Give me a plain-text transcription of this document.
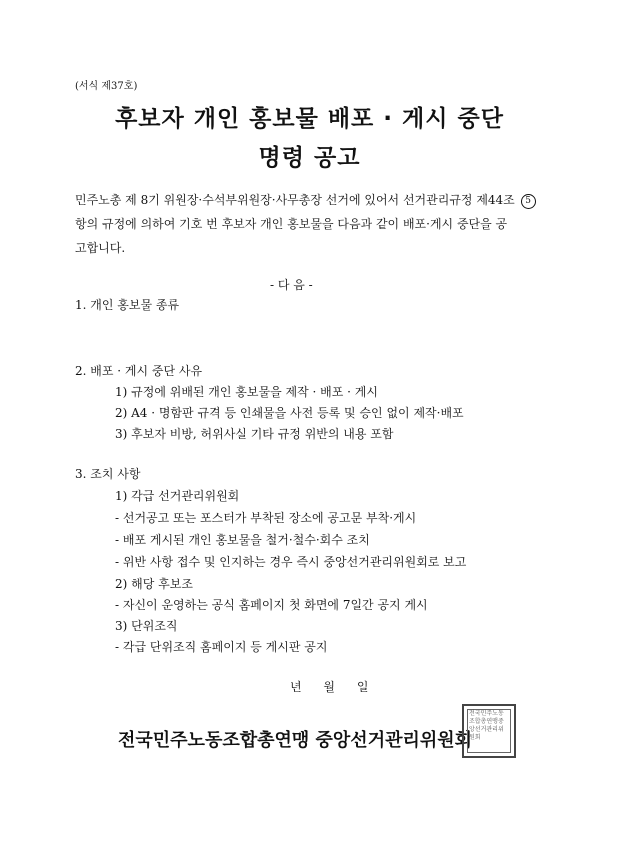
(서식 제37호)
후보자 개인 홍보물 배포 · 게시 중단
명령 공고
민주노총 제 8기 위원장·수석부위원장·사무총장 선거에 있어서 선거관리규정 제44조 5
항의 규정에 의하여 기호 번 후보자 개인 홍보물을 다음과 같이 배포·게시 중단을 공
고합니다.
- 다 음 -
1. 개인 홍보물 종류
2. 배포 · 게시 중단 사유
1) 규정에 위배된 개인 홍보물을 제작 · 배포 · 게시
2) A4 · 명함판 규격 등 인쇄물을 사전 등록 및 승인 없이 제작·배포
3) 후보자 비방, 허위사실 기타 규정 위반의 내용 포함
3. 조치 사항
1) 각급 선거관리위원회
- 선거공고 또는 포스터가 부착된 장소에 공고문 부착·게시
- 배포 게시된 개인 홍보물을 철거·철수·회수 조치
- 위반 사항 접수 및 인지하는 경우 즉시 중앙선거관리위원회로 보고
2) 해당 후보조
- 자신이 운영하는 공식 홈페이지 첫 화면에 7일간 공지 게시
3) 단위조직
- 각급 단위조직 홈페이지 등 게시판 공지
년 월 일
전국민주노동조합총연맹 중앙선거관리위원회
전국민주노동조합총연맹중앙선거관리위원회
